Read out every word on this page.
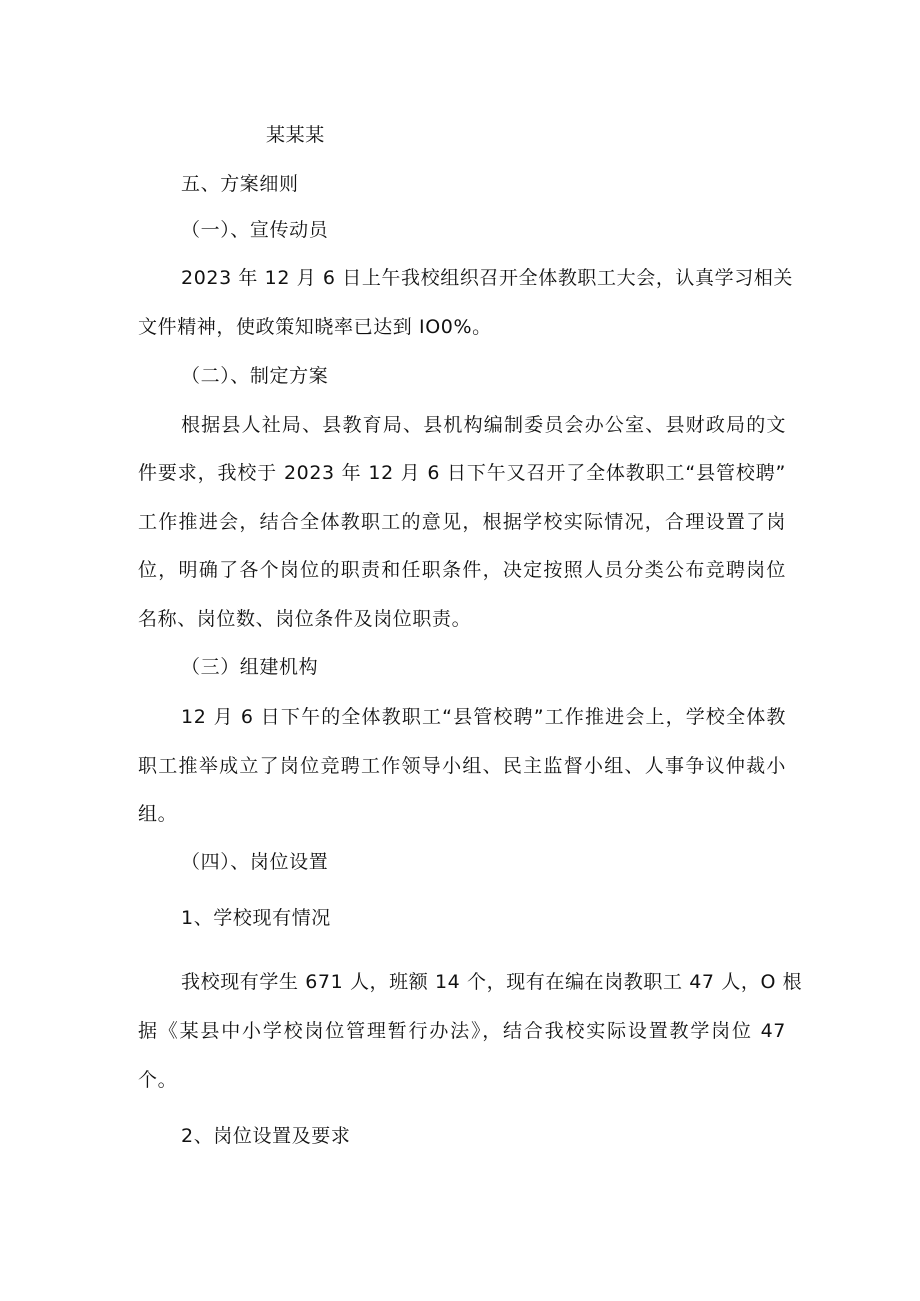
某某某
五、方案细则
（一）、宣传动员
2023 年 12 月 6 日上午我校组织召开全体教职工大会，认真学习相关
文件精神，使政策知晓率已达到 IO0%。
（二）、制定方案
根据县人社局、县教育局、县机构编制委员会办公室、县财政局的文
件要求，我校于 2023 年 12 月 6 日下午又召开了全体教职工“县管校聘”
工作推进会，结合全体教职工的意见，根据学校实际情况，合理设置了岗
位，明确了各个岗位的职责和任职条件，决定按照人员分类公布竞聘岗位
名称、岗位数、岗位条件及岗位职责。
（三）组建机构
12 月 6 日下午的全体教职工“县管校聘”工作推进会上，学校全体教
职工推举成立了岗位竞聘工作领导小组、民主监督小组、人事争议仲裁小
组。
（四）、岗位设置
1、学校现有情况
我校现有学生 671 人，班额 14 个，现有在编在岗教职工 47 人，O 根
据《某县中小学校岗位管理暂行办法》，结合我校实际设置教学岗位 47
个。
2、岗位设置及要求
